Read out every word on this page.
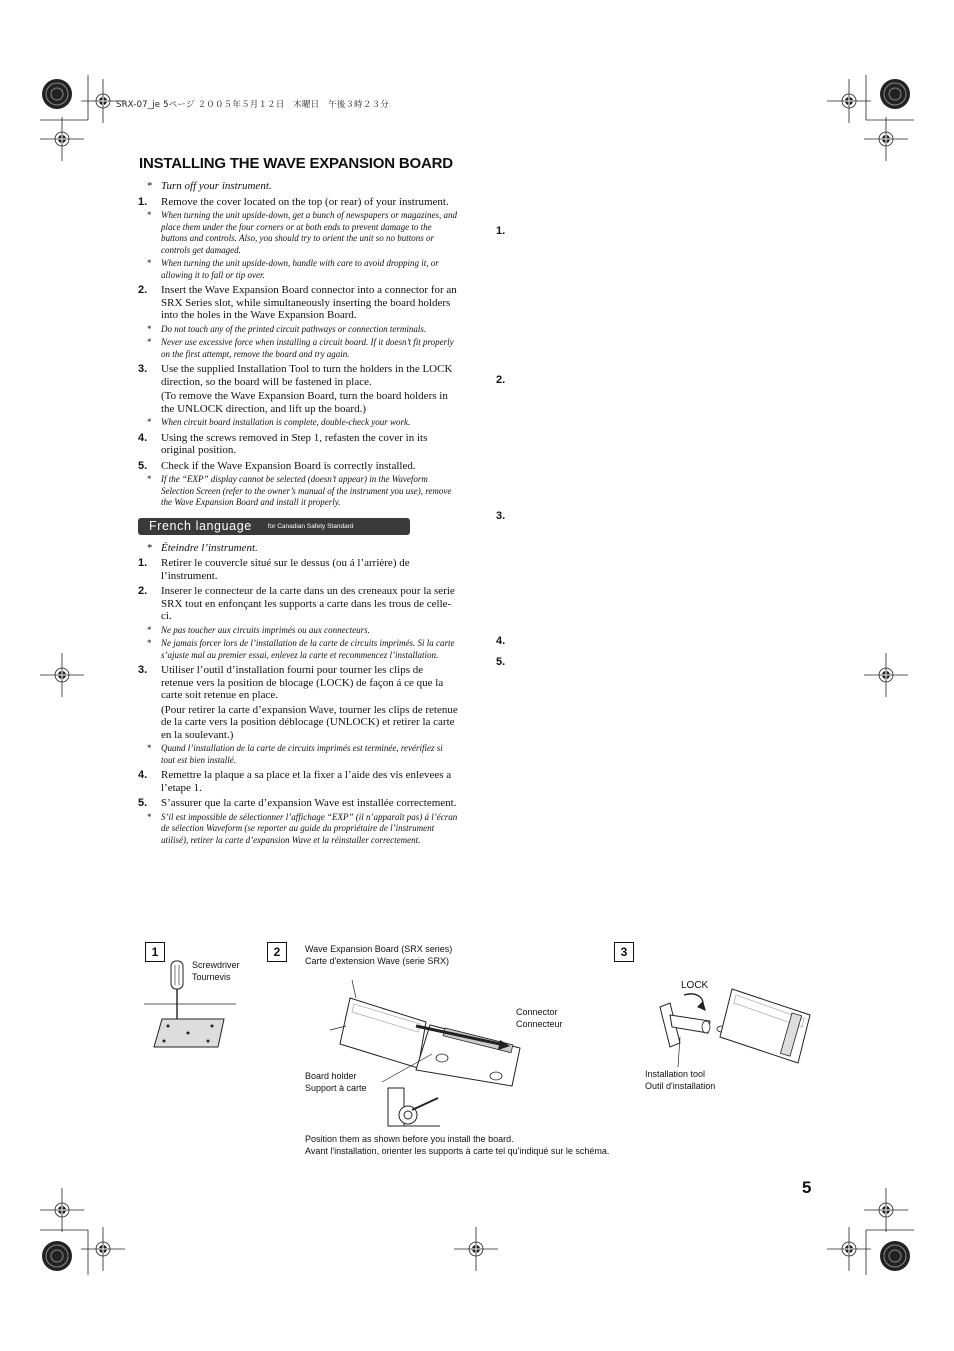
SRX-07_je 5ページ ２００５年５月１２日　木曜日　午後３時２３分
INSTALLING THE WAVE EXPANSION BOARD
* Turn off your instrument.
1. Remove the cover located on the top (or rear) of your instrument.
* When turning the unit upside-down, get a bunch of newspapers or magazines, and place them under the four corners or at both ends to prevent damage to the buttons and controls. Also, you should try to orient the unit so no buttons or controls get damaged.
* When turning the unit upside-down, handle with care to avoid dropping it, or allowing it to fall or tip over.
2. Insert the Wave Expansion Board connector into a connector for an SRX Series slot, while simultaneously inserting the board holders into the holes in the Wave Expansion Board.
* Do not touch any of the printed circuit pathways or connection terminals.
* Never use excessive force when installing a circuit board. If it doesn’t fit properly on the first attempt, remove the board and try again.
3. Use the supplied Installation Tool to turn the holders in the LOCK direction, so the board will be fastened in place.
(To remove the Wave Expansion Board, turn the board holders in the UNLOCK direction, and lift up the board.)
* When circuit board installation is complete, double-check your work.
4. Using the screws removed in Step 1, refasten the cover in its original position.
5. Check if the Wave Expansion Board is correctly installed.
* If the “EXP” display cannot be selected (doesn’t appear) in the Waveform Selection Screen (refer to the owner’s manual of the instrument you use), remove the Wave Expansion Board and install it properly.
French language for Canadian Safety Standard
* Éteindre l’instrument.
1. Retirer le couvercle situé sur le dessus (ou á l’arrière) de l’instrument.
2. Inserer le connecteur de la carte dans un des creneaux pour la serie SRX tout en enfonçant les supports a carte dans les trous de celle-ci.
* Ne pas toucher aux circuits imprimés ou aux connecteurs.
* Ne jamais forcer lors de l’installation de la carte de circuits imprimés. Si la carte s’ajuste mal au premier essai, enlevez la carte et recommencez l’installation.
3. Utiliser l’outil d’installation fourni pour tourner les clips de retenue vers la position de blocage (LOCK) de façon á ce que la carte soit retenue en place.
(Pour retirer la carte d’expansion Wave, tourner les clips de retenue de la carte vers la position déblocage (UNLOCK) et retirer la carte en la soulevant.)
* Quand l’installation de la carte de circuits imprimés est terminée, revérifiez si tout est bien installé.
4. Remettre la plaque a sa place et la fixer a l’aide des vis enlevees a l’etape 1.
5. S’assurer que la carte d’expansion Wave est installée correctement.
* S’il est impossible de sélectionner l’affichage “EXP” (il n’apparaît pas) á l’écran de sélection Waveform (se reporter au guide du propriétaire de l’instrument utilisé), retirer la carte d’expansion Wave et la réinstaller correctement.
1.
2.
3.
4.
5.
1
Screwdriver
Tournevis
2	Wave Expansion Board (SRX series)
Carte d'extension Wave (serie SRX)
Connector
Connecteur
Board holder
Support à carte
Position them as shown before you install the board.
Avant l'installation, orienter les supports à carte tel qu'indiqué sur le schéma.
3
LOCK
Installation tool
Outil d'installation
5
